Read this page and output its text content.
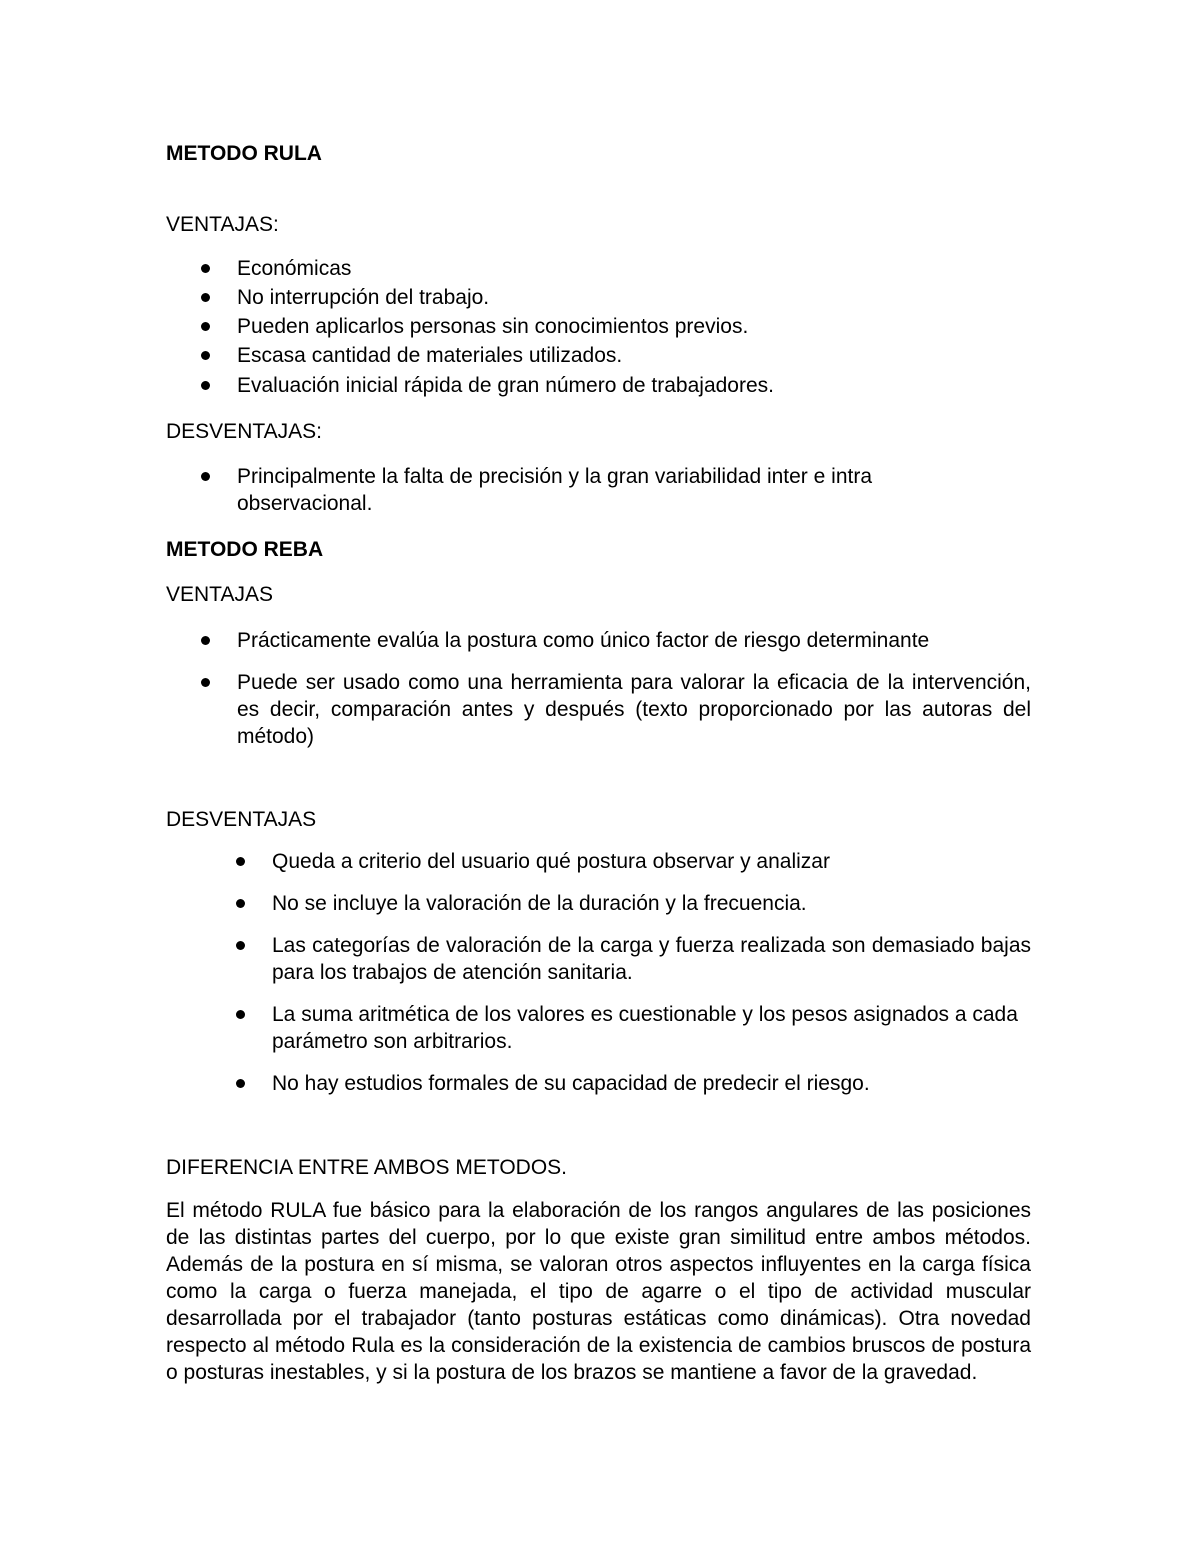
METODO RULA

VENTAJAS:

Económicas

No interrupción del trabajo.

Pueden aplicarlos personas sin conocimientos previos.

Escasa cantidad de materiales utilizados.

Evaluación inicial rápida de gran número de trabajadores.

DESVENTAJAS:

Principalmente la falta de precisión y la gran variabilidad inter e intra observacional.

METODO REBA

VENTAJAS

Prácticamente evalúa la postura como único factor de riesgo determinante

Puede ser usado como una herramienta para valorar la eficacia de la intervención, es decir, comparación antes y después (texto proporcionado por las autoras del método)

DESVENTAJAS

Queda a criterio del usuario qué postura observar y analizar

No se incluye la valoración de la duración y la frecuencia.

Las categorías de valoración de la carga y fuerza realizada son demasiado bajas para los trabajos de atención sanitaria.

La suma aritmética de los valores es cuestionable y los pesos asignados a cada parámetro son arbitrarios.

No hay estudios formales de su capacidad de predecir el riesgo.

DIFERENCIA ENTRE AMBOS METODOS.

El método RULA fue básico para la elaboración de los rangos angulares de las posiciones de las distintas partes del cuerpo, por lo que existe gran similitud entre ambos métodos. Además de la postura en sí misma, se valoran otros aspectos influyentes en la carga física como la carga o fuerza manejada, el tipo de agarre o el tipo de actividad muscular desarrollada por el trabajador (tanto posturas estáticas como dinámicas). Otra novedad respecto al método Rula es la consideración de la existencia de cambios bruscos de postura o posturas inestables, y si la postura de los brazos se mantiene a favor de la gravedad.
